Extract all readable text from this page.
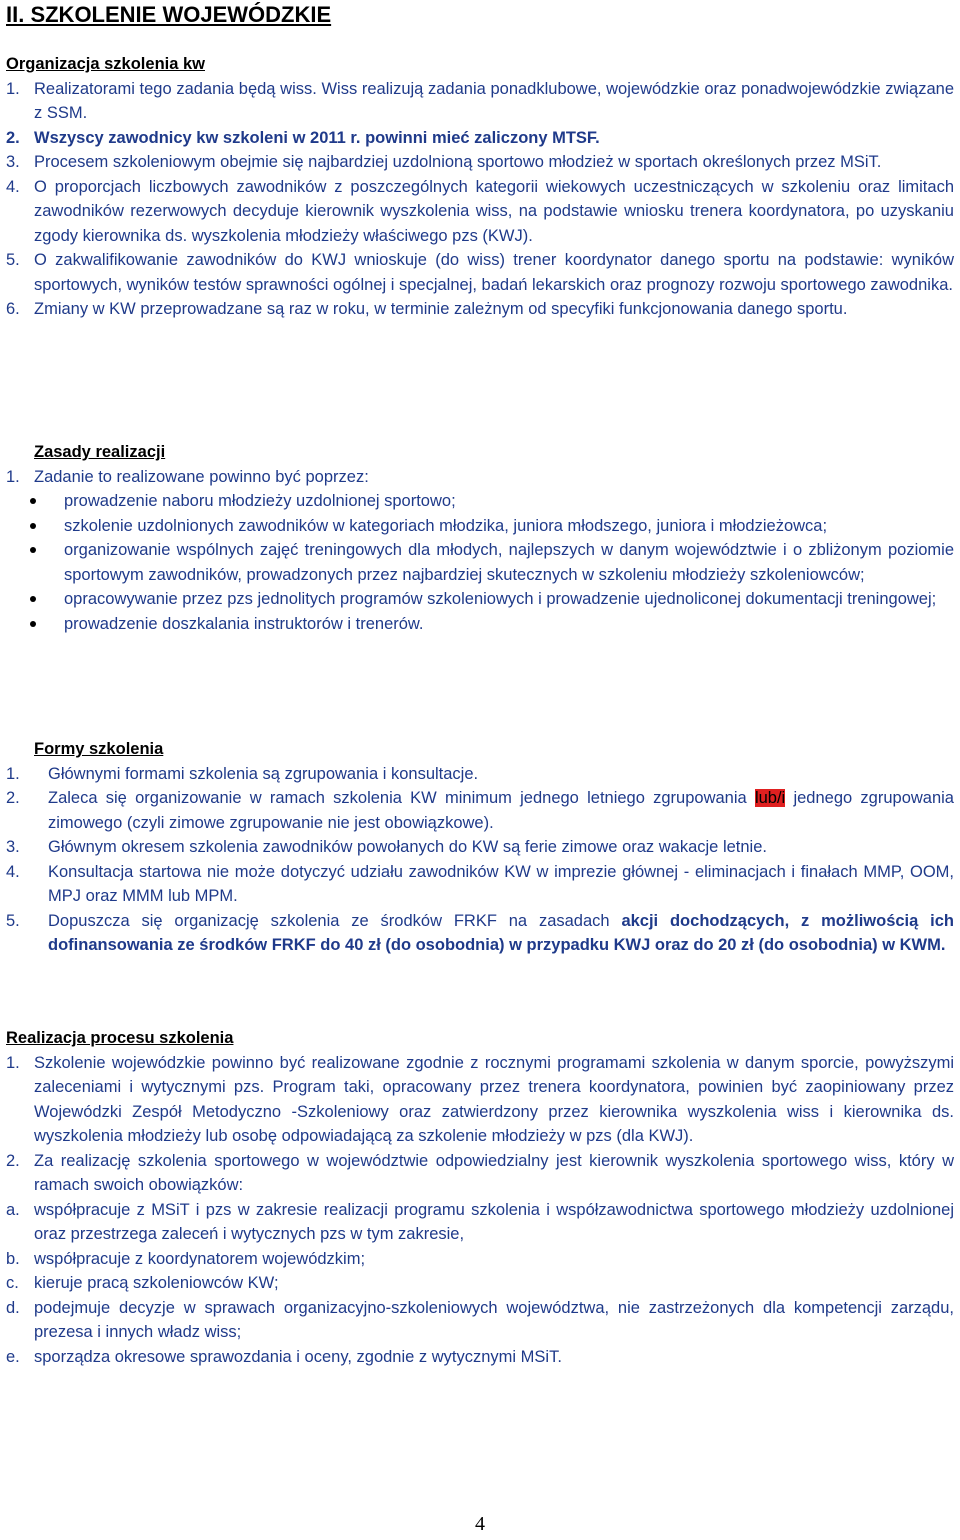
II. SZKOLENIE WOJEWÓDZKIE
Organizacja szkolenia kw
1. Realizatorami tego zadania będą wiss. Wiss realizują zadania ponadklubowe, wojewódzkie oraz ponadwojewódzkie związane z SSM.
2. Wszyscy zawodnicy kw szkoleni w 2011 r. powinni mieć zaliczony MTSF.
3. Procesem szkoleniowym obejmie się najbardziej uzdolnioną sportowo młodzież w sportach określonych przez MSiT.
4. O proporcjach liczbowych zawodników z poszczególnych kategorii wiekowych uczestniczących w szkoleniu oraz limitach zawodników rezerwowych decyduje kierownik wyszkolenia wiss, na podstawie wniosku trenera koordynatora, po uzyskaniu zgody kierownika ds. wyszkolenia młodzieży właściwego pzs (KWJ).
5. O zakwalifikowanie zawodników do KWJ wnioskuje (do wiss) trener koordynator danego sportu na podstawie: wyników sportowych, wyników testów sprawności ogólnej i specjalnej, badań lekarskich oraz prognozy rozwoju sportowego zawodnika.
6. Zmiany w KW przeprowadzane są raz w roku, w terminie zależnym od specyfiki funkcjonowania danego sportu.
Zasady realizacji
1. Zadanie to realizowane powinno być poprzez:
prowadzenie naboru młodzieży uzdolnionej sportowo;
szkolenie uzdolnionych zawodników w kategoriach młodzika, juniora młodszego, juniora i młodzieżowca;
organizowanie wspólnych zajęć treningowych dla młodych, najlepszych w danym województwie i o zbliżonym poziomie sportowym zawodników, prowadzonych przez najbardziej skutecznych w szkoleniu młodzieży szkoleniowców;
opracowywanie przez pzs jednolitych programów szkoleniowych i prowadzenie ujednoliconej dokumentacji treningowej;
prowadzenie doszkalania instruktorów i trenerów.
Formy szkolenia
1.	Głównymi formami szkolenia są zgrupowania i konsultacje.
2.	Zaleca się organizowanie w ramach szkolenia KW minimum jednego letniego zgrupowania lub/i jednego zgrupowania zimowego (czyli zimowe zgrupowanie nie jest obowiązkowe).
3.	Głównym okresem szkolenia zawodników powołanych do KW są ferie zimowe oraz wakacje letnie.
4.	Konsultacja startowa nie może dotyczyć udziału zawodników KW w imprezie głównej - eliminacjach i finałach MMP, OOM, MPJ oraz MMM lub MPM.
5.	Dopuszcza się organizację szkolenia ze środków FRKF na zasadach akcji dochodzących, z możliwością ich dofinansowania ze środków FRKF do 40 zł (do osobodnia) w przypadku KWJ oraz do 20 zł (do osobodnia) w KWM.
Realizacja procesu szkolenia
1. Szkolenie wojewódzkie powinno być realizowane zgodnie z rocznymi programami szkolenia w danym sporcie, powyższymi zaleceniami i wytycznymi pzs. Program taki, opracowany przez trenera koordynatora, powinien być zaopiniowany przez Wojewódzki Zespół Metodyczno -Szkoleniowy oraz zatwierdzony przez kierownika wyszkolenia wiss i kierownika ds. wyszkolenia młodzieży lub osobę odpowiadającą za szkolenie młodzieży w pzs (dla KWJ).
2. Za realizację szkolenia sportowego w województwie odpowiedzialny jest kierownik wyszkolenia sportowego wiss, który w ramach swoich obowiązków:
a. współpracuje z MSiT i pzs w zakresie realizacji programu szkolenia i współzawodnictwa sportowego młodzieży uzdolnionej oraz przestrzega zaleceń i wytycznych pzs w tym zakresie,
b. współpracuje z koordynatorem wojewódzkim;
c. kieruje pracą szkoleniowców KW;
d. podejmuje decyzje w sprawach organizacyjno-szkoleniowych województwa, nie zastrzeżonych dla kompetencji zarządu, prezesa i innych władz wiss;
e. sporządza okresowe sprawozdania i oceny, zgodnie z wytycznymi MSiT.
4
